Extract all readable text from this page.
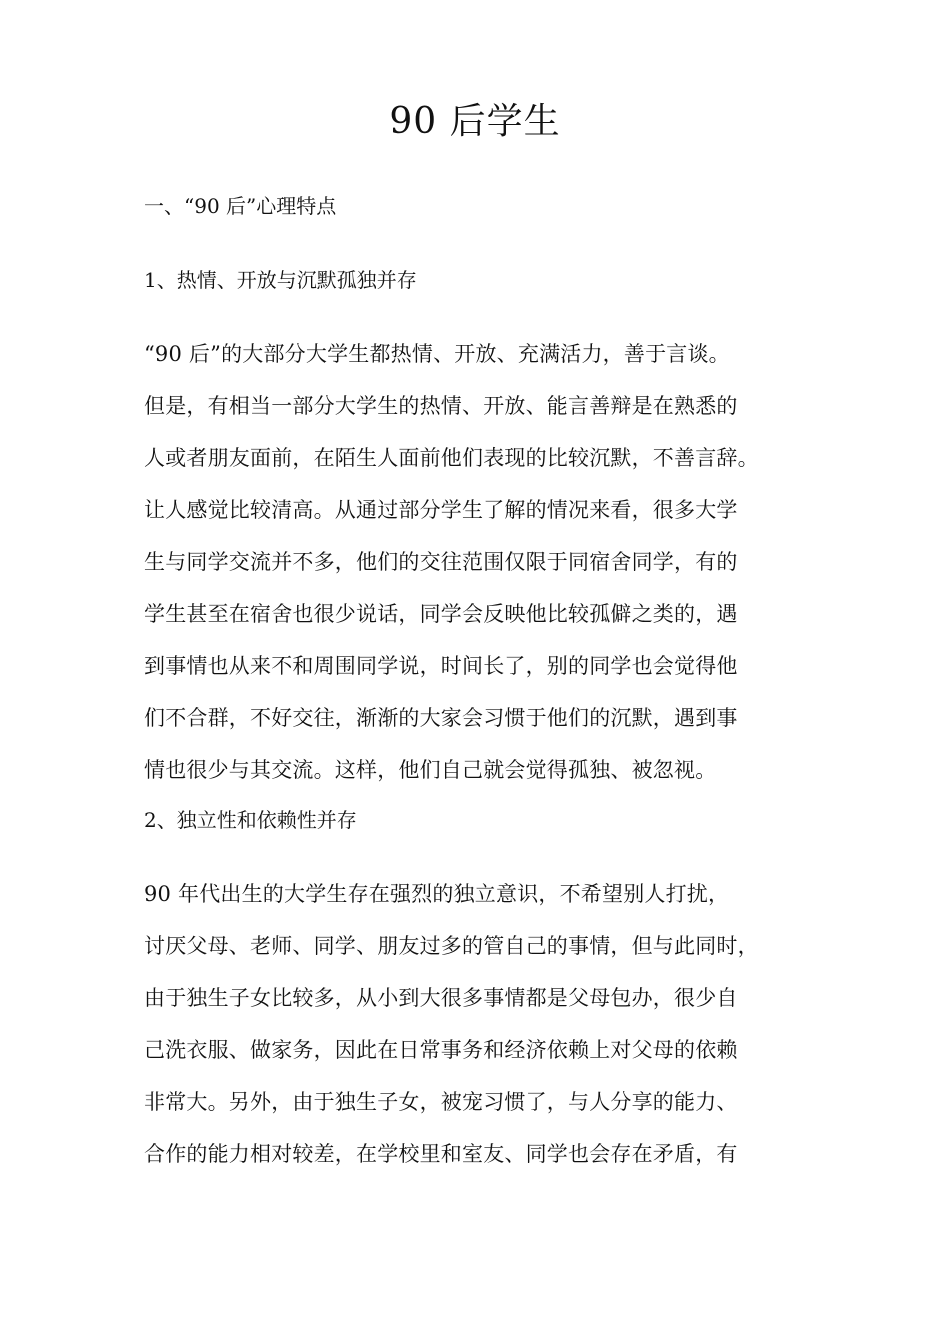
90 后学生
一、“90 后”心理特点
1、热情、开放与沉默孤独并存
“90 后”的大部分大学生都热情、开放、充满活力，善于言谈。
但是，有相当一部分大学生的热情、开放、能言善辩是在熟悉的
人或者朋友面前，在陌生人面前他们表现的比较沉默，不善言辞。
让人感觉比较清高。从通过部分学生了解的情况来看，很多大学
生与同学交流并不多，他们的交往范围仅限于同宿舍同学，有的
学生甚至在宿舍也很少说话，同学会反映他比较孤僻之类的，遇
到事情也从来不和周围同学说，时间长了，别的同学也会觉得他
们不合群，不好交往，渐渐的大家会习惯于他们的沉默，遇到事
情也很少与其交流。这样，他们自己就会觉得孤独、被忽视。
2、独立性和依赖性并存
90 年代出生的大学生存在强烈的独立意识，不希望别人打扰，
讨厌父母、老师、同学、朋友过多的管自己的事情，但与此同时，
由于独生子女比较多，从小到大很多事情都是父母包办，很少自
己洗衣服、做家务，因此在日常事务和经济依赖上对父母的依赖
非常大。另外，由于独生子女，被宠习惯了，与人分享的能力、
合作的能力相对较差，在学校里和室友、同学也会存在矛盾，有
